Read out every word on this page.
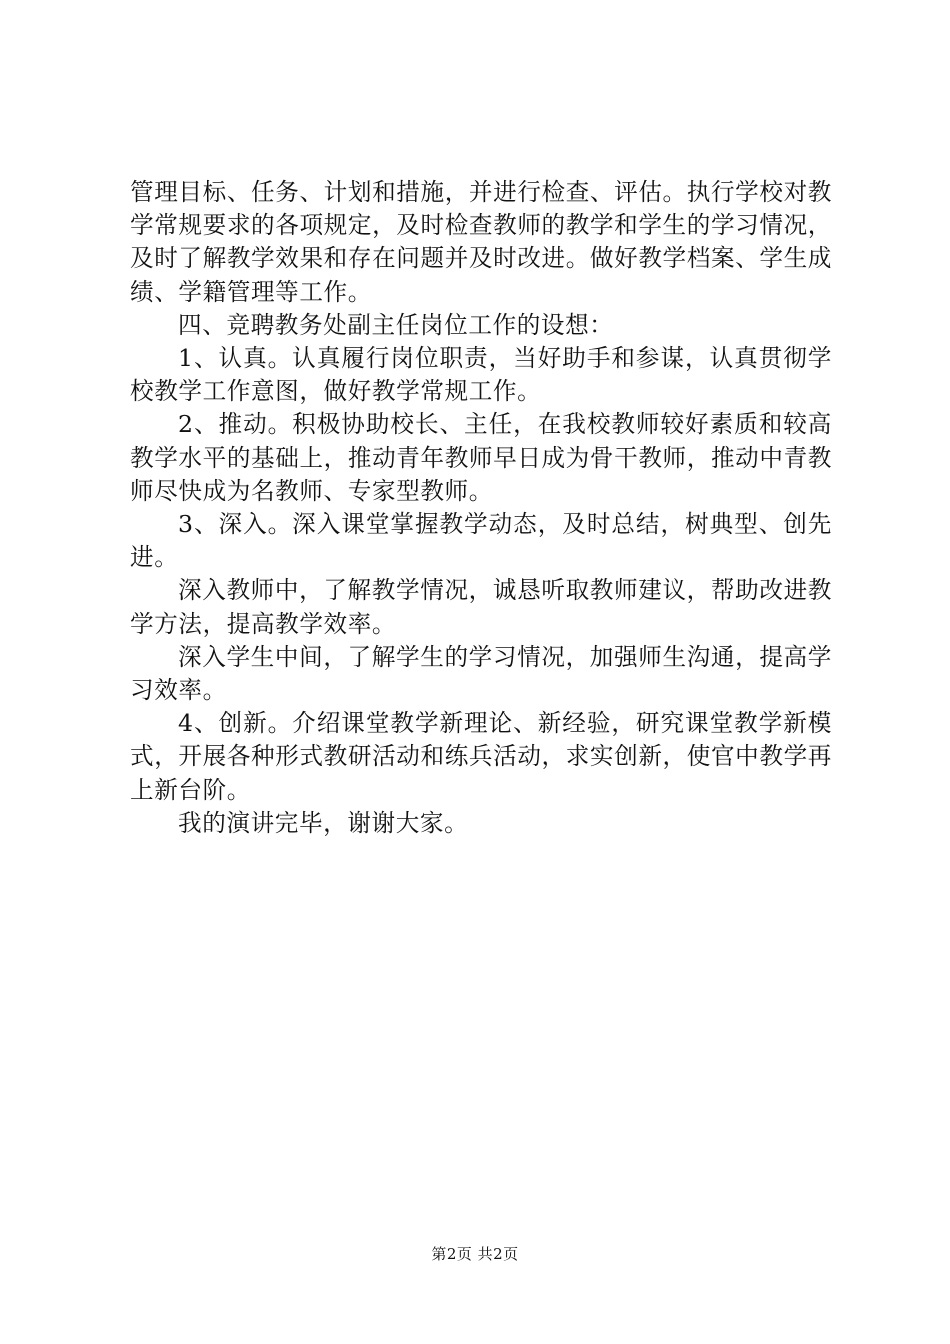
管理目标、任务、计划和措施，并进行检查、评估。执行学校对教学常规要求的各项规定，及时检查教师的教学和学生的学习情况，及时了解教学效果和存在问题并及时改进。做好教学档案、学生成绩、学籍管理等工作。

四、竞聘教务处副主任岗位工作的设想：

1、认真。认真履行岗位职责，当好助手和参谋，认真贯彻学校教学工作意图，做好教学常规工作。

2、推动。积极协助校长、主任，在我校教师较好素质和较高教学水平的基础上，推动青年教师早日成为骨干教师，推动中青教师尽快成为名教师、专家型教师。

3、深入。深入课堂掌握教学动态，及时总结，树典型、创先进。

深入教师中，了解教学情况，诚恳听取教师建议，帮助改进教学方法，提高教学效率。

深入学生中间，了解学生的学习情况，加强师生沟通，提高学习效率。

4、创新。介绍课堂教学新理论、新经验，研究课堂教学新模式，开展各种形式教研活动和练兵活动，求实创新，使官中教学再上新台阶。

我的演讲完毕，谢谢大家。

第2页 共2页
